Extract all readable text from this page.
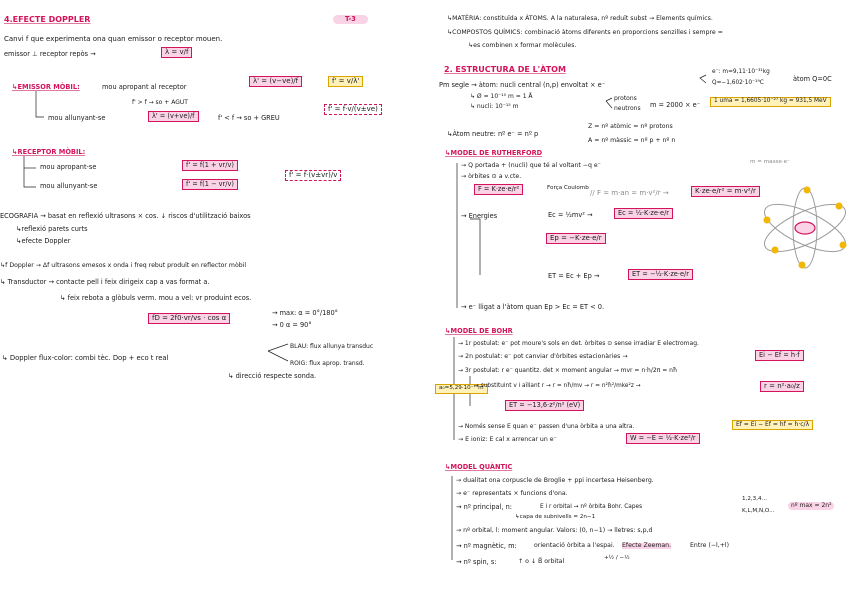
4.EFECTE DOPPLER	T-3
Canvi f que experimenta ona quan emissor o receptor mouen.
emissor ⊥ receptor repòs →	λ = v/f
↳EMISSOR MÒBIL:	mou apropant al receptor
λ' = (v−ve)/f	f' = v/λ'
f' > f → so + AGUT
mou allunyant-se	λ' = (v+ve)/f	f' < f → so + GREU
f' = f·v/(v±ve)
↳RECEPTOR MÒBIL:
mou apropant-se	f' = f(1 + vr/v)
mou allunyant-se	f' = f(1 − vr/v)
f' = f·(v±vr)/v
ECOGRAFIA → basat en reflexió ultrasons × cos. ↓ riscos d'utilització baixos
↳reflexió parets curts
↳efecte Doppler
↳f Doppler → Δf ultrasons emesos x onda i freq rebut produït en reflector mòbil
↳ Transductor → contacte pell i feix dirigeix cap a vas format a.
↳ feix rebota a glòbuls verm. mou a vel: vr produint ecos.
fD = 2f0·vr/vs · cos α
→ max: α = 0°/180°
→ 0 α = 90°
↳ Doppler flux-color: combi tèc. Dop + eco t real
BLAU: flux allunya transduc
ROIG: flux aprop. transd.
↳ direcció respecte sonda.
↳MATÈRIA: constituïda x ÀTOMS. A la naturalesa, nº reduït subst → Elements químics.
↳COMPOSTOS QUÍMICS: combinació àtoms diferents en proporcions senzilles i sempre =
↳es combinen x formar molècules.
2. ESTRUCTURA DE L'ÀTOM
Pm segle → àtom: nucli central (n,p) envoltat × e⁻
e⁻: m=9,11·10⁻³¹kg
Q=−1,602·10⁻¹⁹C	àtom Q=0C
↳ Ø = 10⁻¹⁰ m = 1 Å
↳ nucli: 10⁻¹⁵ m
protons
neutrons m = 2000 × e⁻	1 uma = 1,6605·10⁻²⁷ kg = 931,5 MeV
↳Àtom neutre: nº e⁻ = nº p
Z = nº atòmic = nº protons
A = nº màssic = nº p + nº n
↳MODEL DE RUTHERFORD
→ Q portada + (nucli) que té al voltant −q e⁻
→ òrbites ⊙ a v.cte.
F = K·ze·e/r²	Força Coulomb
// F = m·an = m·v²/r →	K·ze·e/r² = m·v²/r
m = masse·e⁻
→ Energies	Ec = ½mv² →	Ec = ½·K·ze·e/r
Ep = −K·ze·e/r
ET = Ec + Ep →	ET = −½·K·ze·e/r
→ e⁻ lligat a l'àtom quan Ep > Ec = ET < 0.
↳MODEL DE BOHR
→ 1r postulat: e⁻ pot moure's sols en det. òrbites ⊙ sense irradiar E electromag.
→ 2n postulat: e⁻ pot canviar d'òrbites estacionàries →	Ei − Ef = h·f
→ 3r postulat: r e⁻ quantitz. det × moment angular → mvr = n·h/2π = nħ
a₀=5,29·10⁻¹¹m
→ substituint v i aïllant r → r = nħ/mv → r = n²ħ²/mke²z →	r = n²·a₀/z
ET = −13,6·z²/n² (eV)
→ Només sense E quan e⁻ passen d'una òrbita a una altra.	Ef = Ei − Ef = hf = h·c/λ
→ E ioniz: E cal x arrencar un e⁻	W = −E = ½·K·ze²/r
↳MODEL QUÀNTIC
→ dualitat ona corpuscle de Broglie + ppi incertesa Heisenberg.
→ e⁻ representats × funcions d'ona.
→ nº principal, n:	E i r orbital → nº òrbita Bohr. Capes
1,2,3,4...
K,L,M,N,O...
nº max = 2n²
↳capa de subnivells = 2n−1
→ nº orbital, l: moment angular. Valors: (0, n−1) → lletres: s,p,d
→ nº magnètic, m:	orientació òrbita a l'espai. Efecte Zeeman.	Entre (−l,+l)
→ nº spin, s:	↑ o ↓ B⃗ orbital	+½ / −½
